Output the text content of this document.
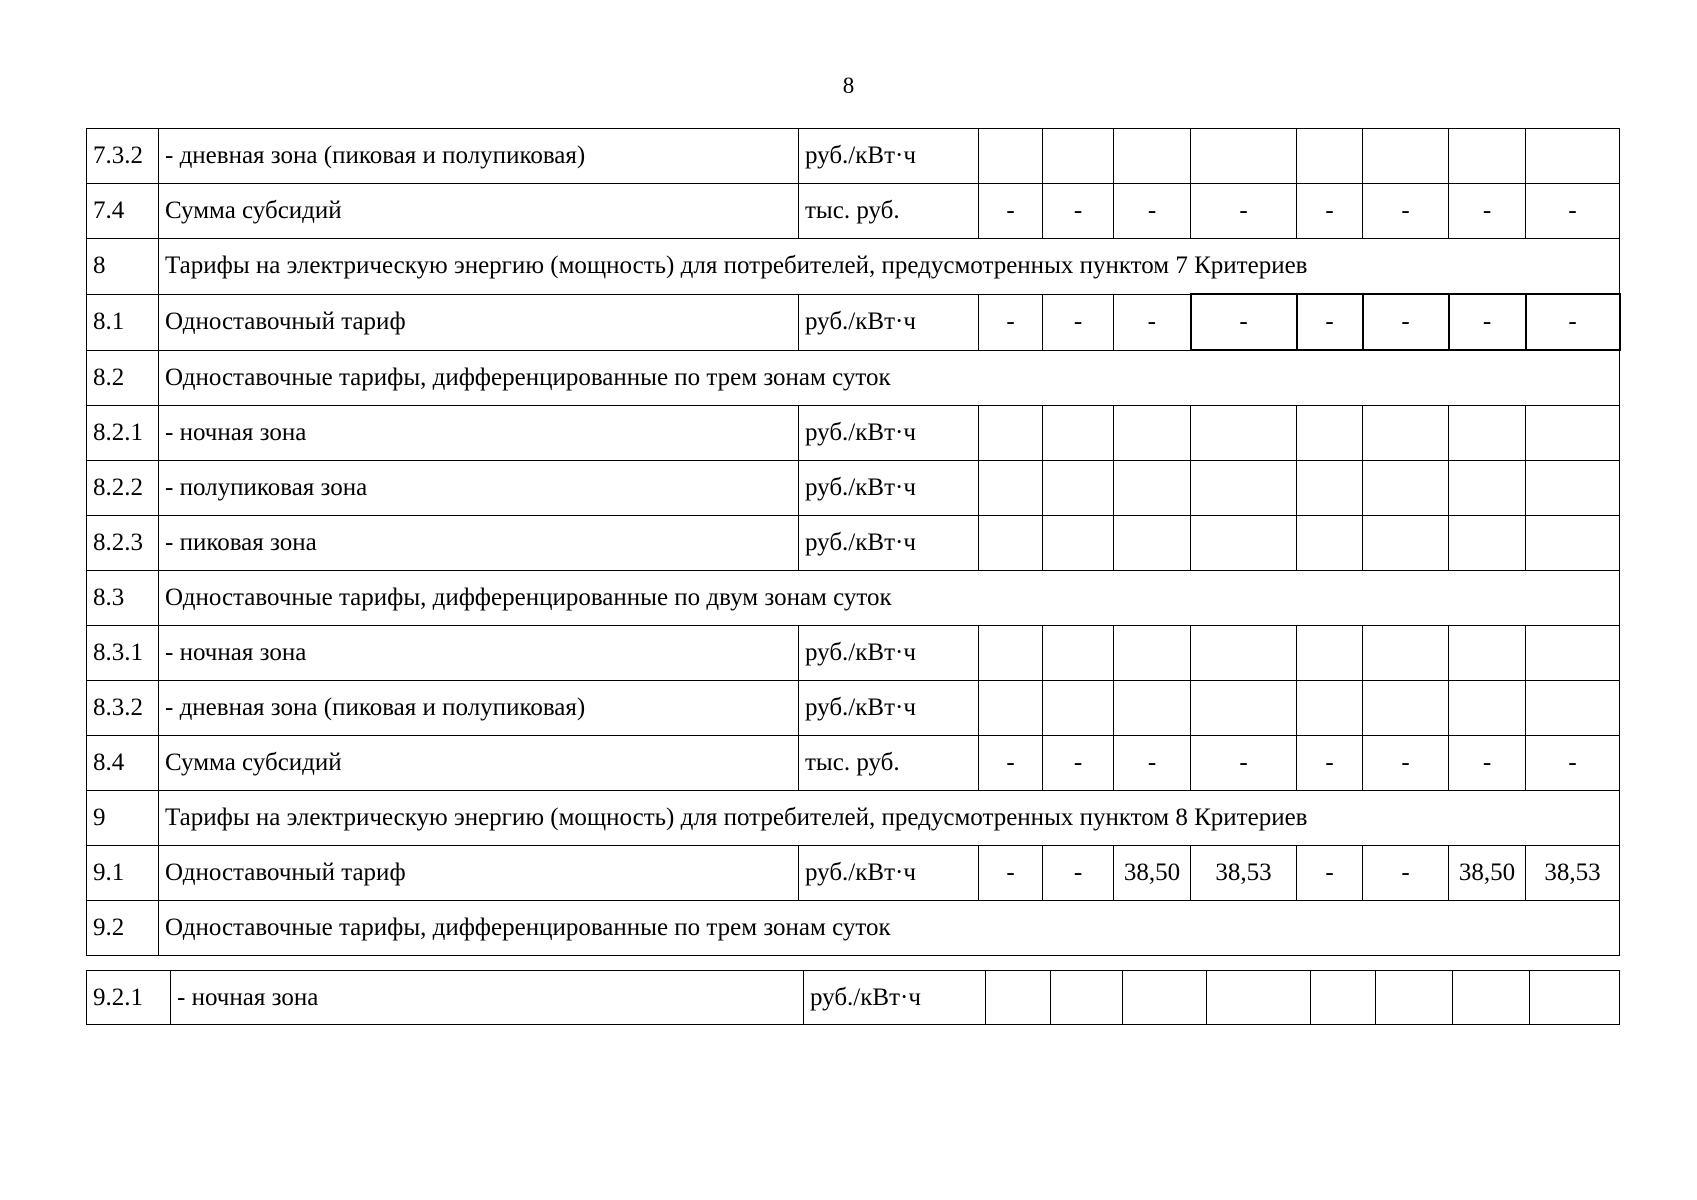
8
7.3.2	- дневная зона (пиковая и полупиковая)	руб./кВт·ч								
7.4	Сумма субсидий	тыс. руб.	-	-	-	-	-	-	-	-
8	Тарифы на электрическую энергию (мощность) для потребителей, предусмотренных пунктом 7 Критериев									
8.1	Одноставочный тариф	руб./кВт·ч	-	-	-	-	-	-	-	-
8.2	Одноставочные тарифы, дифференцированные по трем зонам суток									
8.2.1	- ночная зона	руб./кВт·ч								
8.2.2	- полупиковая зона	руб./кВт·ч								
8.2.3	- пиковая зона	руб./кВт·ч								
8.3	Одноставочные тарифы, дифференцированные по двум зонам суток									
8.3.1	- ночная зона	руб./кВт·ч								
8.3.2	- дневная зона (пиковая и полупиковая)	руб./кВт·ч								
8.4	Сумма субсидий	тыс. руб.	-	-	-	-	-	-	-	-
9	Тарифы на электрическую энергию (мощность) для потребителей, предусмотренных пунктом 8 Критериев									
9.1	Одноставочный тариф	руб./кВт·ч	-	-	38,50	38,53	-	-	38,50	38,53
9.2	Одноставочные тарифы, дифференцированные по трем зонам суток									
9.2.1	- ночная зона	руб./кВт·ч								
